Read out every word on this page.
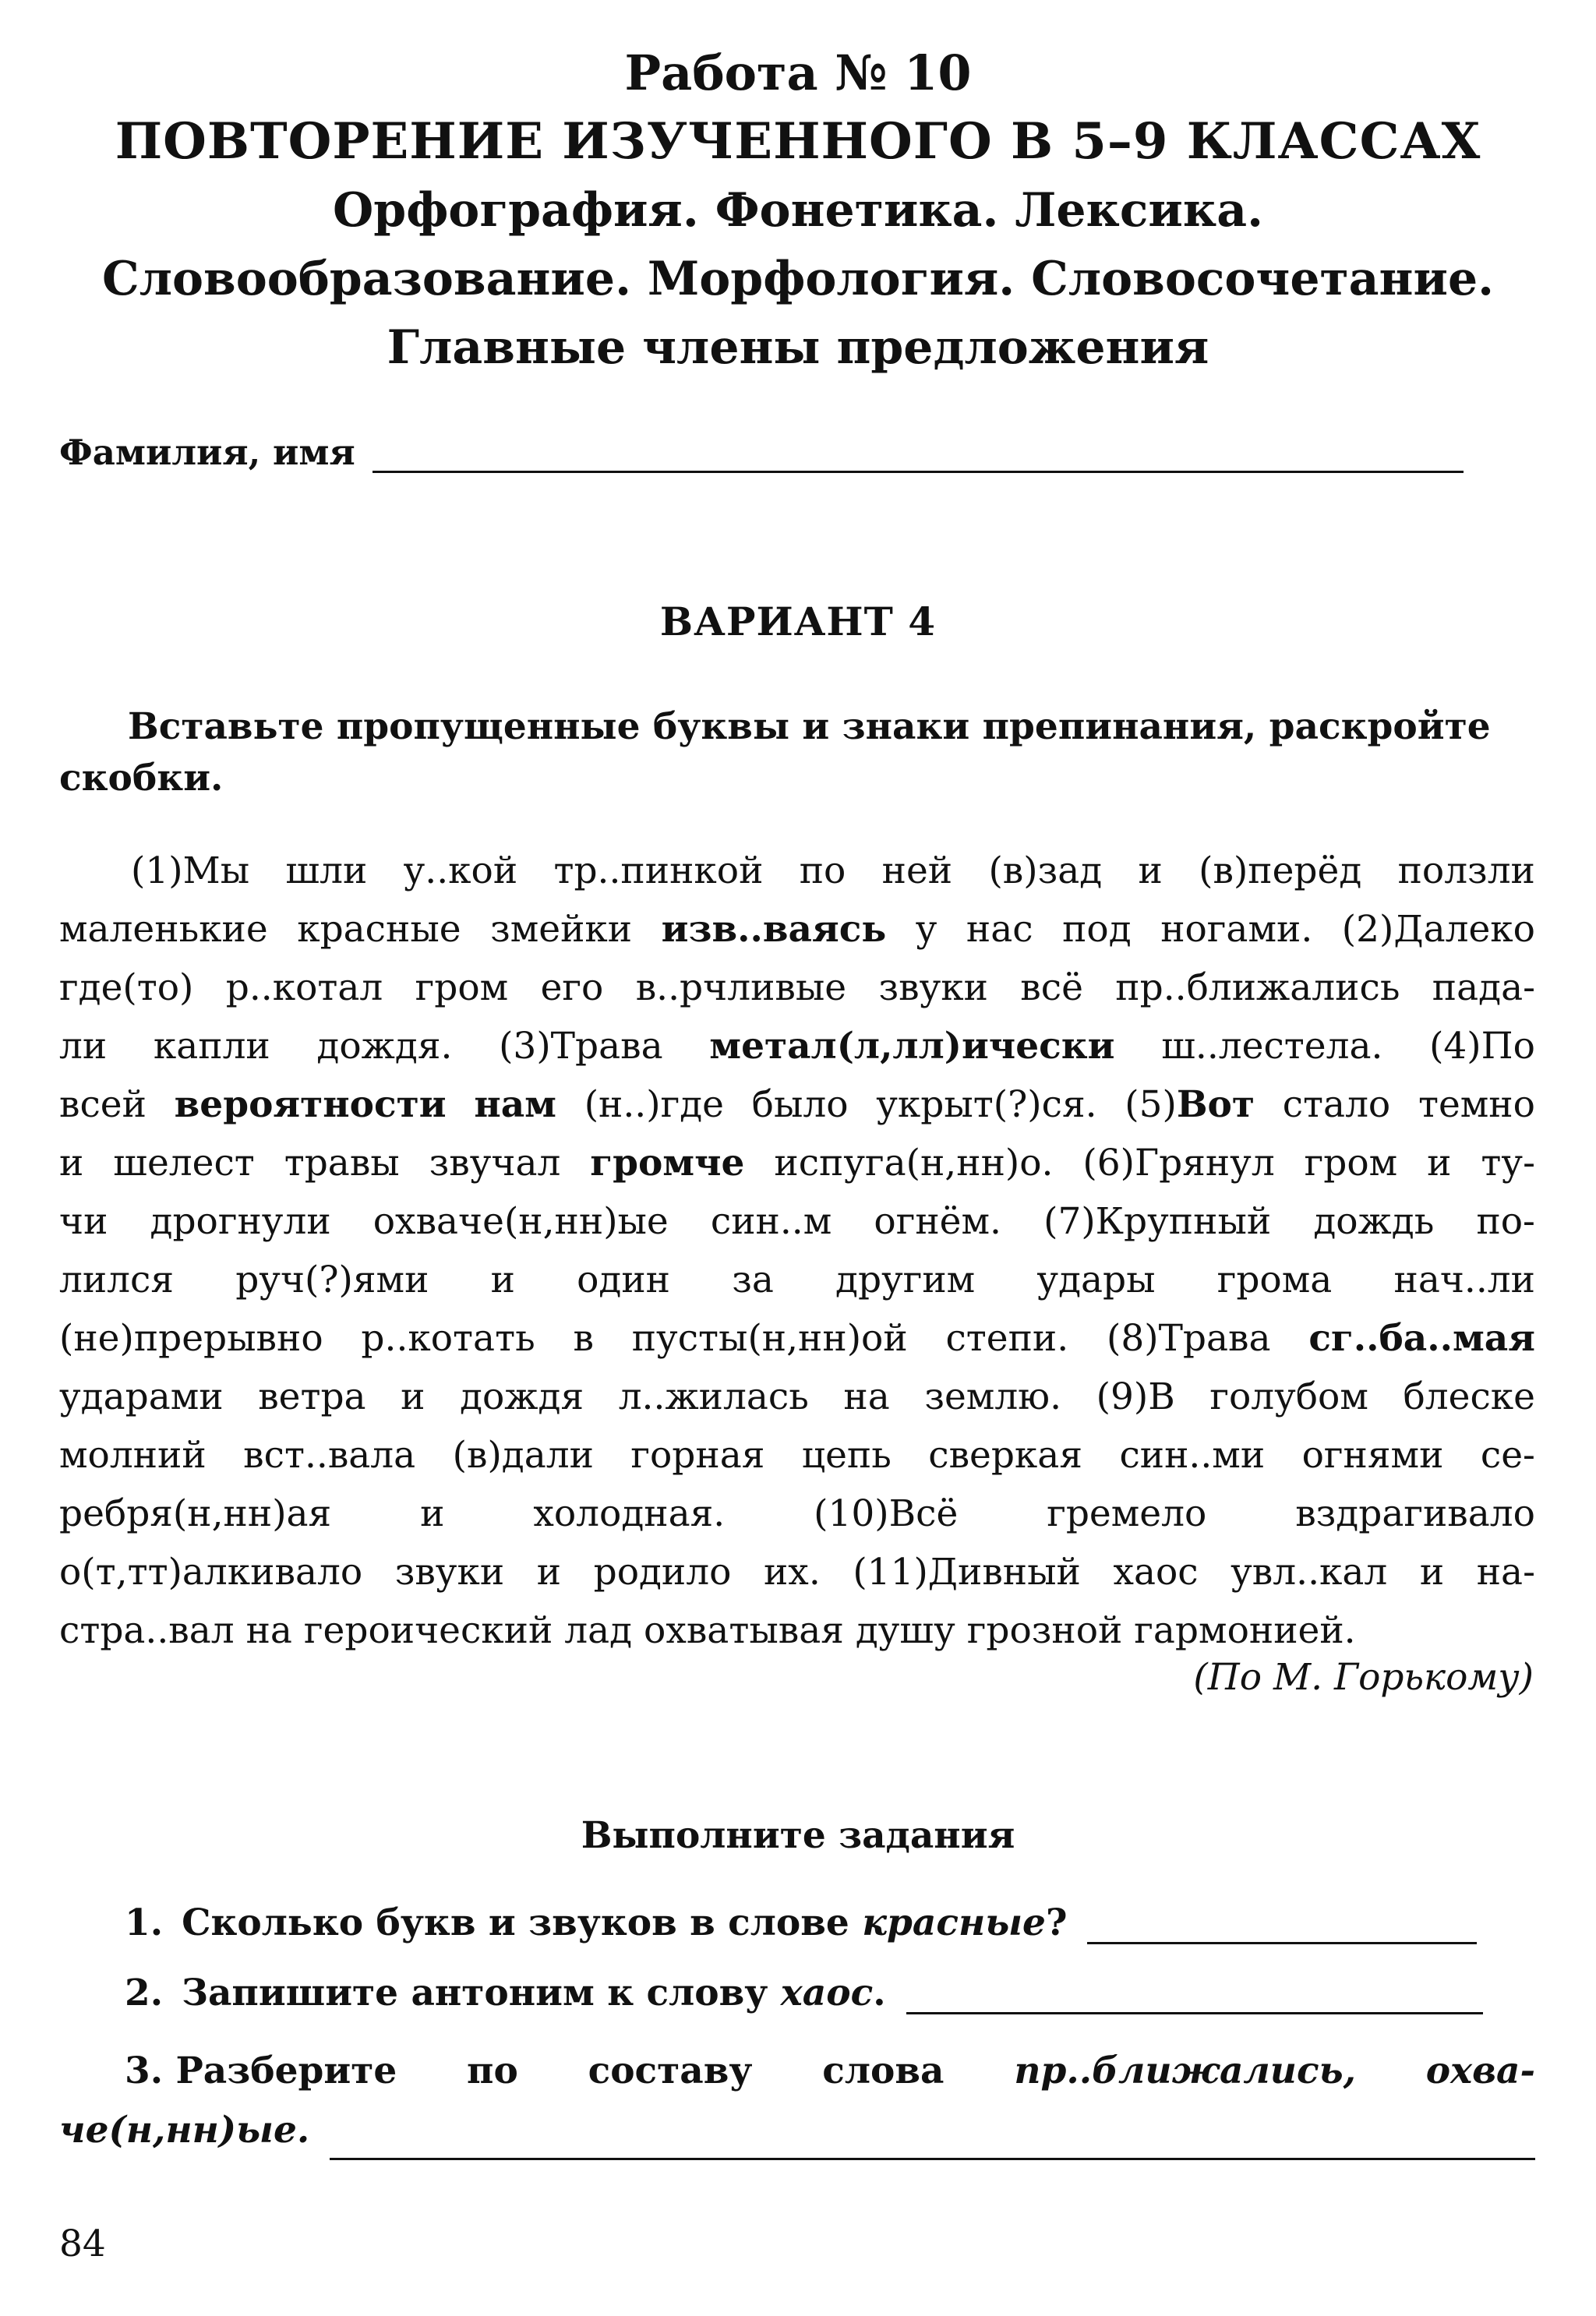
Работа № 10
ПОВТОРЕНИЕ ИЗУЧЕННОГО В 5–9 КЛАССАХ
Орфография. Фонетика. Лексика.
Словообразование. Морфология. Словосочетание.
Главные члены предложения
Фамилия, имя
ВАРИАНТ 4
Вставьте пропущенные буквы и знаки препинания, раскройте скобки.
(1)Мы шли у..кой тр..пинкой по ней (в)зад и (в)перёд ползли
маленькие красные змейки изв..ваясь у нас под ногами. (2)Далеко
где(то) р..котал гром его в..рчливые звуки всё пр..ближались пада-
ли капли дождя. (3)Трава метал(л,лл)ически ш..лестела. (4)По
всей вероятности нам (н..)где было укрыт(?)ся. (5)Вот стало темно
и шелест травы звучал громче испуга(н,нн)о. (6)Грянул гром и ту-
чи дрогнули охваче(н,нн)ые син..м огнём. (7)Крупный дождь по-
лился руч(?)ями и один за другим удары грома нач..ли
(не)прерывно р..котать в пусты(н,нн)ой степи. (8)Трава сг..ба..мая
ударами ветра и дождя л..жилась на землю. (9)В голубом блеске
молний вст..вала (в)дали горная цепь сверкая син..ми огнями се-
ребря(н,нн)ая и холодная. (10)Всё гремело вздрагивало
о(т,тт)алкивало звуки и родило их. (11)Дивный хаос увл..кал и на-
стра..вал на героический лад охватывая душу грозной гармонией.
(По М. Горькому)
Выполните задания
1. Сколько букв и звуков в слове
красные ?
2. Запишите антоним к слову
хаос .
3. Разберите по составу слова пр..ближались, охва-
че(н,нн)ые.
84
